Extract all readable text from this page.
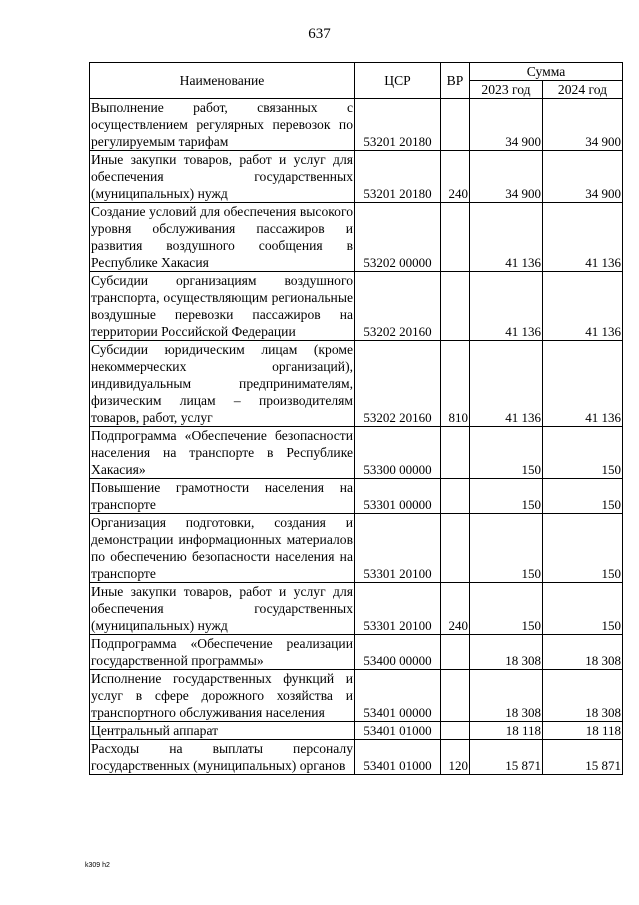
637
Наименование	ЦСР	ВР	Сумма	
			2023 год	2024 год
Выполнение работ, связанных с осуществлением регулярных перевозок по регулируемым тарифам	53201 20180		34 900	34 900
Иные закупки товаров, работ и услуг для обеспечения государственных (муниципальных) нужд	53201 20180	240	34 900	34 900
Создание условий для обеспечения высокого уровня обслуживания пассажиров и развития воздушного сообщения в Республике Хакасия	53202 00000		41 136	41 136
Субсидии организациям воздушного транспорта, осуществляющим региональные воздушные перевозки пассажиров на территории Российской Федерации	53202 20160		41 136	41 136
Субсидии юридическим лицам (кроме некоммерческих организаций), индивидуальным предпринимателям, физическим лицам – производителям товаров, работ, услуг	53202 20160	810	41 136	41 136
Подпрограмма «Обеспечение безопасности населения на транспорте в Республике Хакасия»	53300 00000		150	150
Повышение грамотности населения на транспорте	53301 00000		150	150
Организация подготовки, создания и демонстрации информационных материалов по обеспечению безопасности населения на транспорте	53301 20100		150	150
Иные закупки товаров, работ и услуг для обеспечения государственных (муниципальных) нужд	53301 20100	240	150	150
Подпрограмма «Обеспечение реализации государственной программы»	53400 00000		18 308	18 308
Исполнение государственных функций и услуг в сфере дорожного хозяйства и транспортного обслуживания населения	53401 00000		18 308	18 308
Центральный аппарат	53401 01000		18 118	18 118
Расходы на выплаты персоналу государственных (муниципальных) органов	53401 01000	120	15 871	15 871
k309 h2
